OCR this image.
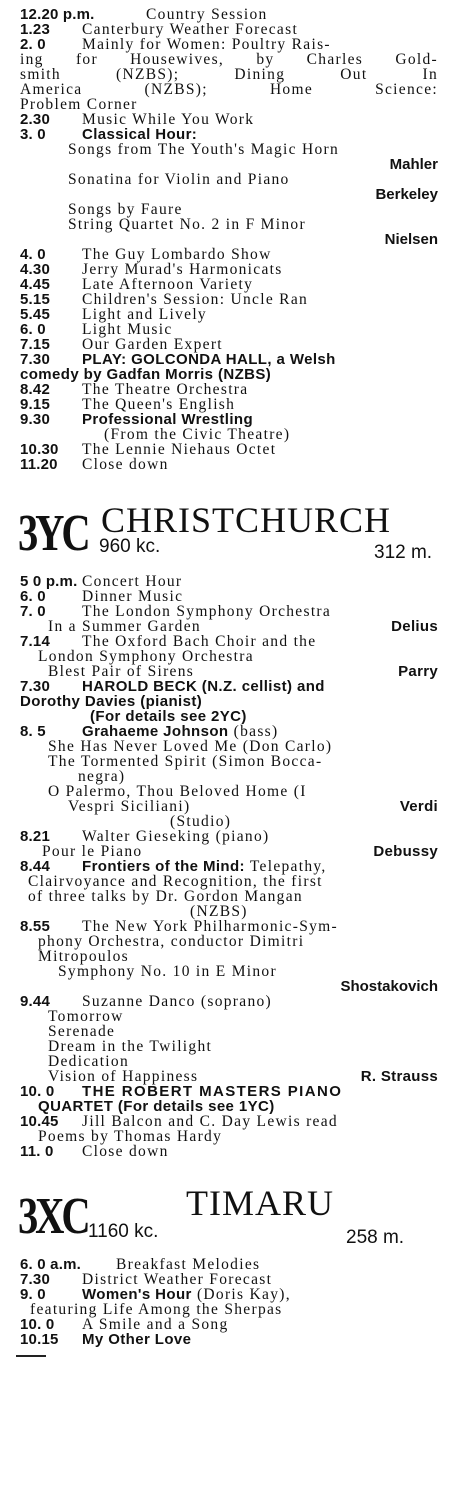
12.20 p.m.	Country Session
1.23 Canterbury Weather Forecast
2. 0 Mainly for Women: Poultry Rais-
ing for Housewives, by Charles Gold-
smith (NZBS); Dining Out In
America (NZBS); Home Science:
Problem Corner
2.30 Music While You Work
3. 0 Classical Hour:
Songs from The Youth's Magic Horn
Mahler
Sonatina for Violin and Piano
Berkeley
Songs by Faure
String Quartet No. 2 in F Minor
Nielsen
4. 0 The Guy Lombardo Show
4.30 Jerry Murad's Harmonicats
4.45 Late Afternoon Variety
5.15 Children's Session: Uncle Ran
5.45 Light and Lively
6. 0 Light Music
7.15 Our Garden Expert
7.30 PLAY: GOLCONDA HALL, a Welsh
comedy by Gadfan Morris (NZBS)
8.42 The Theatre Orchestra
9.15 The Queen's English
9.30 Professional Wrestling
(From the Civic Theatre)
10.30 The Lennie Niehaus Octet
11.20 Close down
3YC CHRISTCHURCH
960 kc.	312 m.
5 0 p.m. Concert Hour
6. 0 Dinner Music
7. 0 The London Symphony Orchestra
In a Summer Garden	Delius
7.14 The Oxford Bach Choir and the
London Symphony Orchestra
Blest Pair of Sirens	Parry
7.30 HAROLD BECK (N.Z. cellist) and
Dorothy Davies (pianist)
(For details see 2YC)
8. 5 Grahaeme Johnson (bass)
She Has Never Loved Me (Don Carlo)
The Tormented Spirit (Simon Bocca-
negra)
O Palermo, Thou Beloved Home (I
Vespri Siciliani)	Verdi
(Studio)
8.21 Walter Gieseking (piano)
Pour le Piano	Debussy
8.44 Frontiers of the Mind: Telepathy,
Clairvoyance and Recognition, the first
of three talks by Dr. Gordon Mangan
(NZBS)
8.55 The New York Philharmonic-Sym-
phony Orchestra, conductor Dimitri
Mitropoulos
Symphony No. 10 in E Minor
Shostakovich
9.44 Suzanne Danco (soprano)
Tomorrow
Serenade
Dream in the Twilight
Dedication
Vision of Happiness	R. Strauss
10. 0 THE ROBERT MASTERS PIANO
QUARTET (For details see 1YC)
10.45 Jill Balcon and C. Day Lewis read
Poems by Thomas Hardy
11. 0 Close down
3XC 1160 kc.
TIMARU
258 m.
6. 0 a.m. Breakfast Melodies
7.30 District Weather Forecast
9. 0 Women's Hour (Doris Kay),
featuring Life Among the Sherpas
10. 0 A Smile and a Song
10.15 My Other Love
